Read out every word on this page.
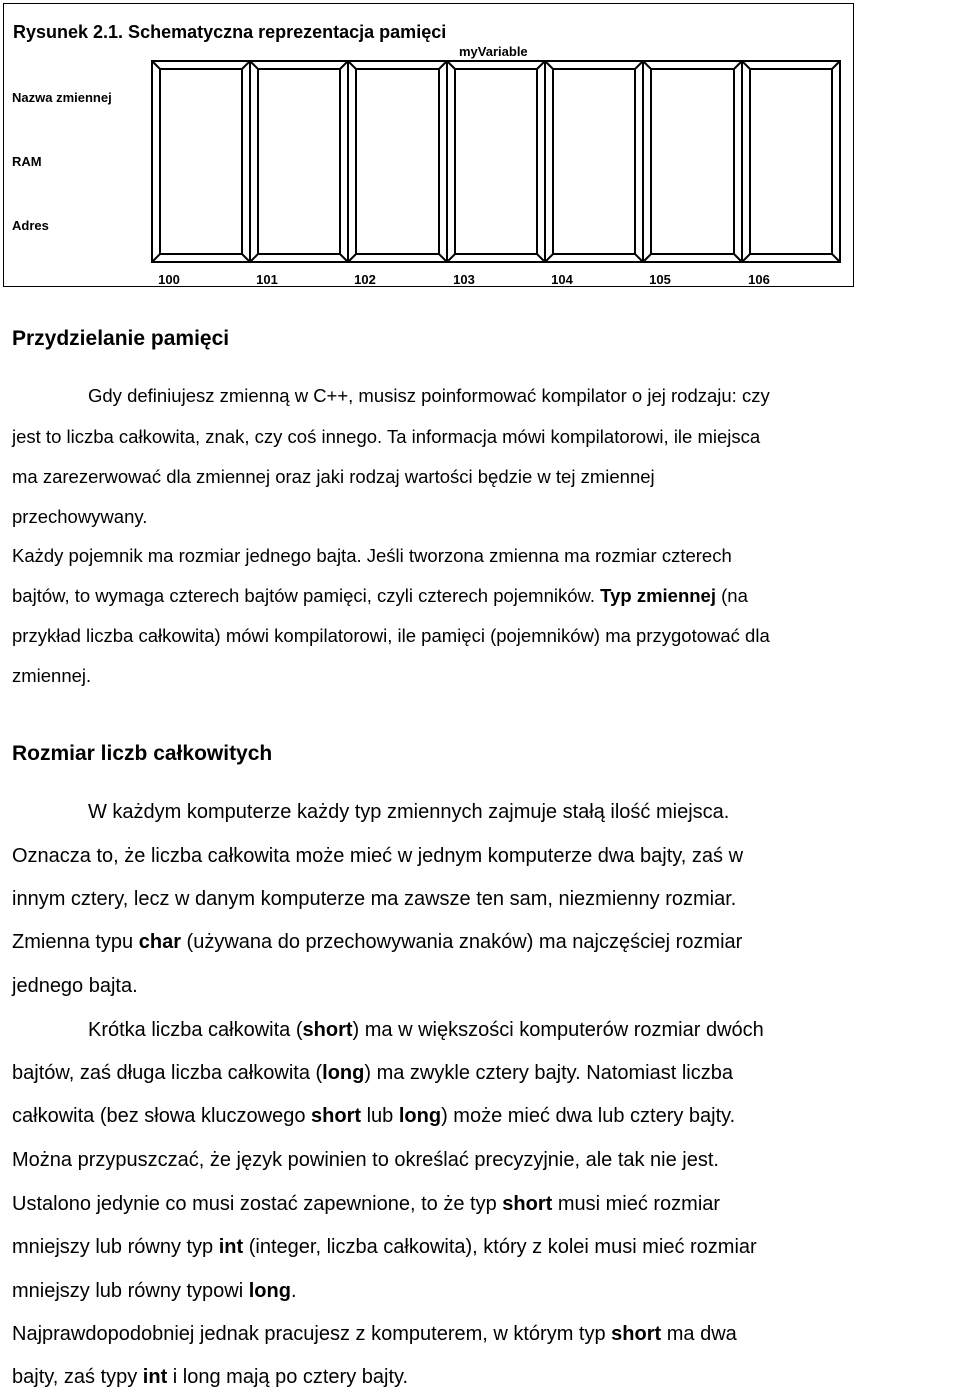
Rysunek 2.1. Schematyczna reprezentacja pamięci
myVariable
Nazwa zmiennej
RAM
Adres
100	101	102	103	104	105	106
Przydzielanie pamięci
Gdy definiujesz zmienną w C++, musisz poinformować kompilator o jej rodzaju: czy
jest to liczba całkowita, znak, czy coś innego. Ta informacja mówi kompilatorowi, ile miejsca
ma zarezerwować dla zmiennej oraz jaki rodzaj wartości będzie w tej zmiennej
przechowywany.
Każdy pojemnik ma rozmiar jednego bajta. Jeśli tworzona zmienna ma rozmiar czterech
bajtów, to wymaga czterech bajtów pamięci, czyli czterech pojemników. Typ zmiennej (na
przykład liczba całkowita) mówi kompilatorowi, ile pamięci (pojemników) ma przygotować dla
zmiennej.
Rozmiar liczb całkowitych
W każdym komputerze każdy typ zmiennych zajmuje stałą ilość miejsca.
Oznacza to, że liczba całkowita może mieć w jednym komputerze dwa bajty, zaś w
innym cztery, lecz w danym komputerze ma zawsze ten sam, niezmienny rozmiar.
Zmienna typu char (używana do przechowywania znaków) ma najczęściej rozmiar
jednego bajta.
Krótka liczba całkowita (short) ma w większości komputerów rozmiar dwóch
bajtów, zaś długa liczba całkowita (long) ma zwykle cztery bajty. Natomiast liczba
całkowita (bez słowa kluczowego short lub long) może mieć dwa lub cztery bajty.
Można przypuszczać, że język powinien to określać precyzyjnie, ale tak nie jest.
Ustalono jedynie co musi zostać zapewnione, to że typ short musi mieć rozmiar
mniejszy lub równy typ int (integer, liczba całkowita), który z kolei musi mieć rozmiar
mniejszy lub równy typowi long.
Najprawdopodobniej jednak pracujesz z komputerem, w którym typ short ma dwa
bajty, zaś typy int i long mają po cztery bajty.
